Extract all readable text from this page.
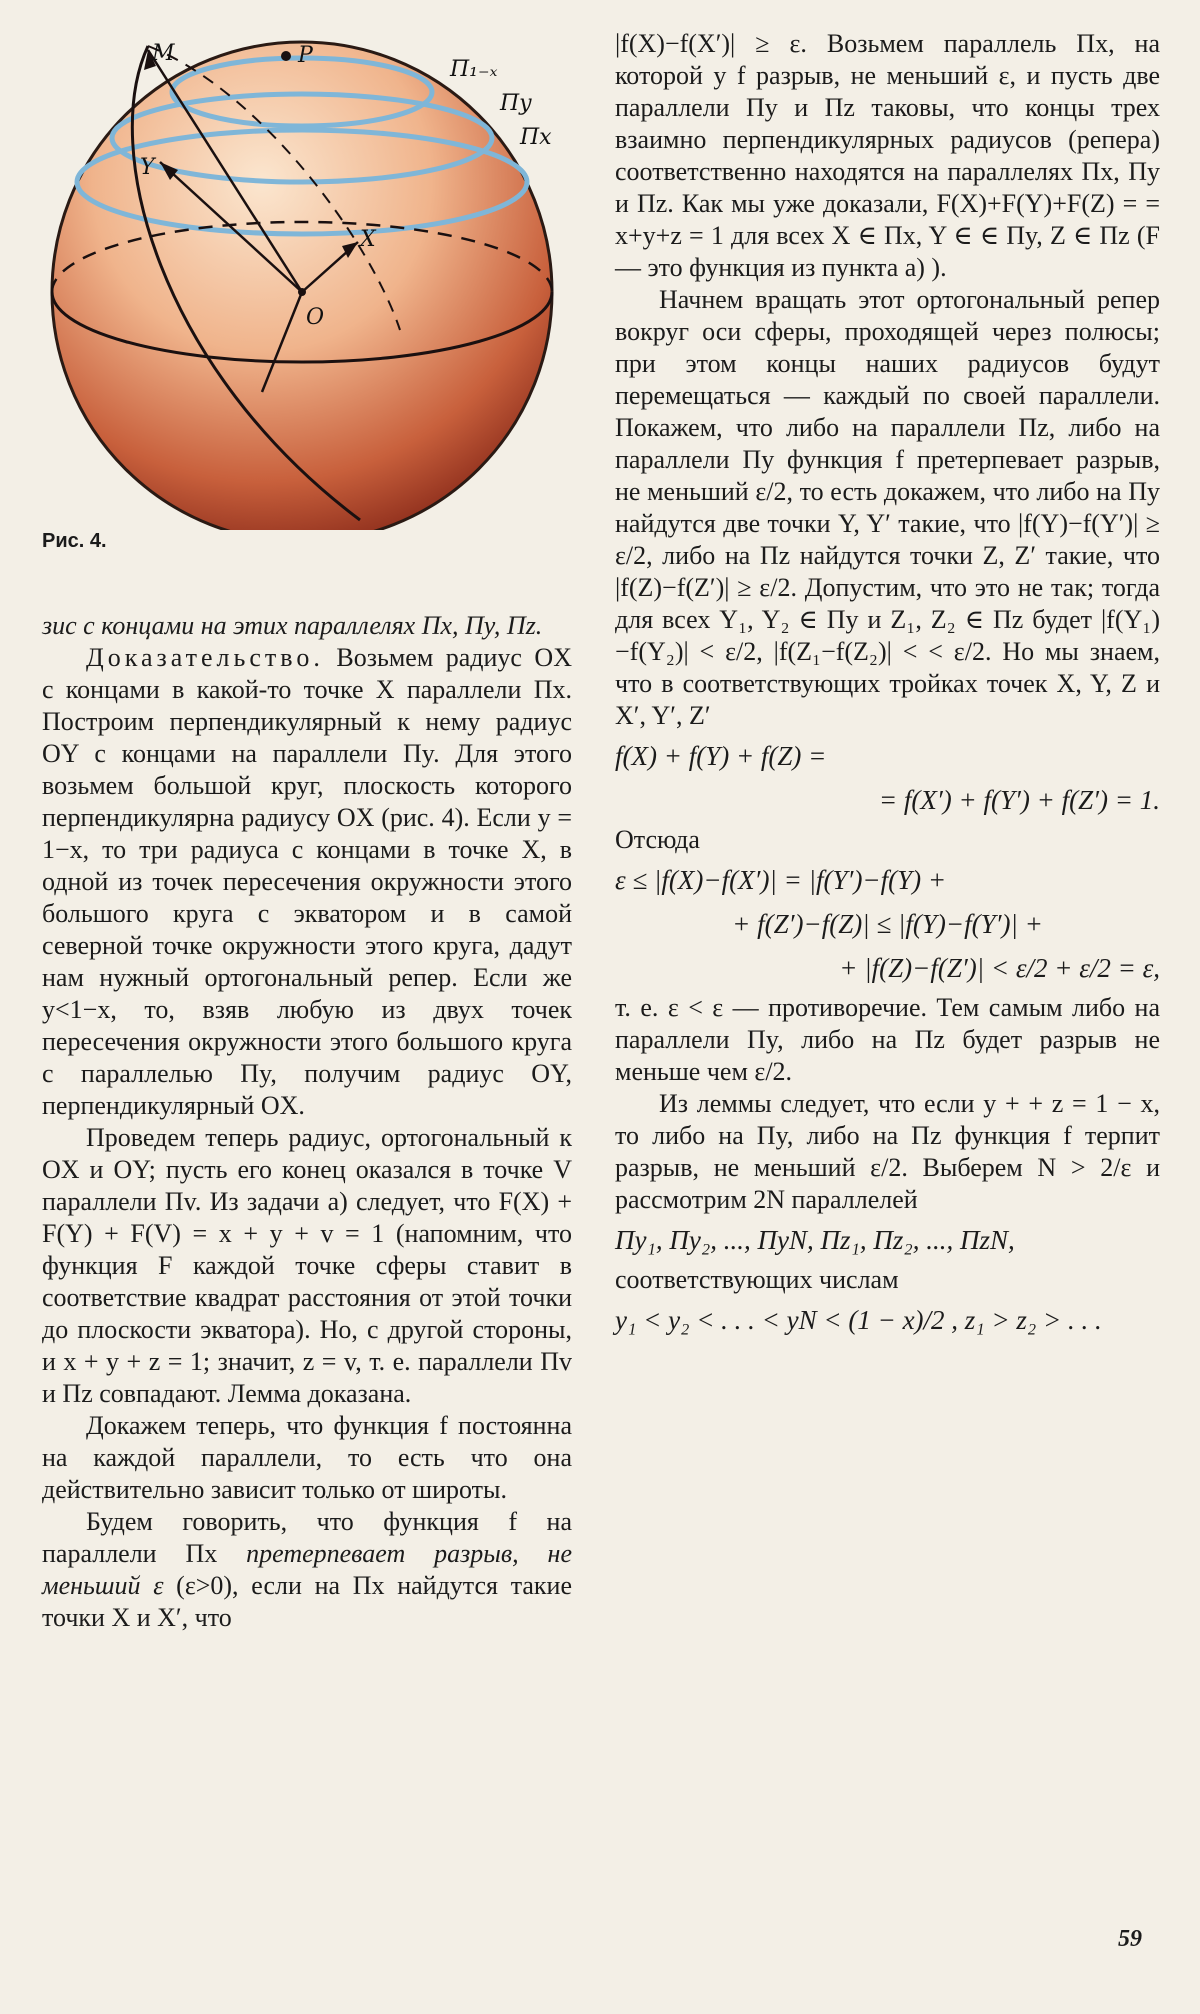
M	P
Π₁₋ₓ
Πy
Πx
Y
X
O
Рис. 4.

зис с концами на этих параллелях Πx, Πy, Πz.

Доказательство. Возьмем радиус OX с концами в какой-то точке X параллели Πx. Построим перпендикулярный к нему радиус OY с концами на параллели Πy. Для этого возьмем большой круг, плоскость которого перпендикулярна радиусу OX (рис. 4). Если y = 1−x, то три радиуса с концами в точке X, в одной из точек пересечения окружности этого большого круга с экватором и в самой северной точке окружности этого круга, дадут нам нужный ортогональный репер. Если же y<1−x, то, взяв любую из двух точек пересечения окружности этого большого круга с параллелью Πy, получим радиус OY, перпендикулярный OX.

Проведем теперь радиус, ортогональный к OX и OY; пусть его конец оказался в точке V параллели Πv. Из задачи а) следует, что F(X) + F(Y) + F(V) = x + y + v = 1 (напомним, что функция F каждой точке сферы ставит в соответствие квадрат расстояния от этой точки до плоскости экватора). Но, с другой стороны, и x + y + z = 1; значит, z = v, т. е. параллели Πv и Πz совпадают. Лемма доказана.

Докажем теперь, что функция f постоянна на каждой параллели, то есть что она действительно зависит только от широты.

Будем говорить, что функция f на параллели Πx претерпевает разрыв, не меньший ε (ε>0), если на Πx найдутся такие точки X и X′, что

|f(X)−f(X′)| ≥ ε. Возьмем параллель Πx, на которой у f разрыв, не меньший ε, и пусть две параллели Πy и Πz таковы, что концы трех взаимно перпендикулярных радиусов (репера) соответственно находятся на параллелях Πx, Πy и Πz. Как мы уже доказали, F(X)+F(Y)+F(Z) = = x+y+z = 1 для всех X ∈ Πx, Y ∈ ∈ Πy, Z ∈ Πz (F — это функция из пункта а) ).

Начнем вращать этот ортогональный репер вокруг оси сферы, проходящей через полюсы; при этом концы наших радиусов будут перемещаться — каждый по своей параллели. Покажем, что либо на параллели Πz, либо на параллели Πy функция f претерпевает разрыв, не меньший ε/2, то есть докажем, что либо на Πy найдутся две точки Y, Y′ такие, что |f(Y)−f(Y′)| ≥ ε/2, либо на Πz найдутся точки Z, Z′ такие, что |f(Z)−f(Z′)| ≥ ε/2. Допустим, что это не так; тогда для всех Y₁, Y₂ ∈ Πy и Z₁, Z₂ ∈ Πz будет |f(Y₁)−f(Y₂)| < ε/2, |f(Z₁−f(Z₂)| < < ε/2. Но мы знаем, что в соответствующих тройках точек X, Y, Z и X′, Y′, Z′

f(X) + f(Y) + f(Z) =
= f(X′) + f(Y′) + f(Z′) = 1.

Отсюда

ε ≤ |f(X)−f(X′)| = |f(Y′)−f(Y) +
+ f(Z′)−f(Z)| ≤ |f(Y)−f(Y′)| +
+ |f(Z)−f(Z′)| < ε/2 + ε/2 = ε,

т. е. ε < ε — противоречие. Тем самым либо на параллели Πy, либо на Πz будет разрыв не меньше чем ε/2.

Из леммы следует, что если y + + z = 1 − x, то либо на Πy, либо на Πz функция f терпит разрыв, не меньший ε/2. Выберем N > 2/ε и рассмотрим 2N параллелей

Πy₁, Πy₂, ..., ΠyN, Πz₁, Πz₂, ..., ΠzN,

соответствующих числам

y₁ < y₂ < . . . < yN < (1 − x)/2 , z₁ > z₂ > . . .
59
